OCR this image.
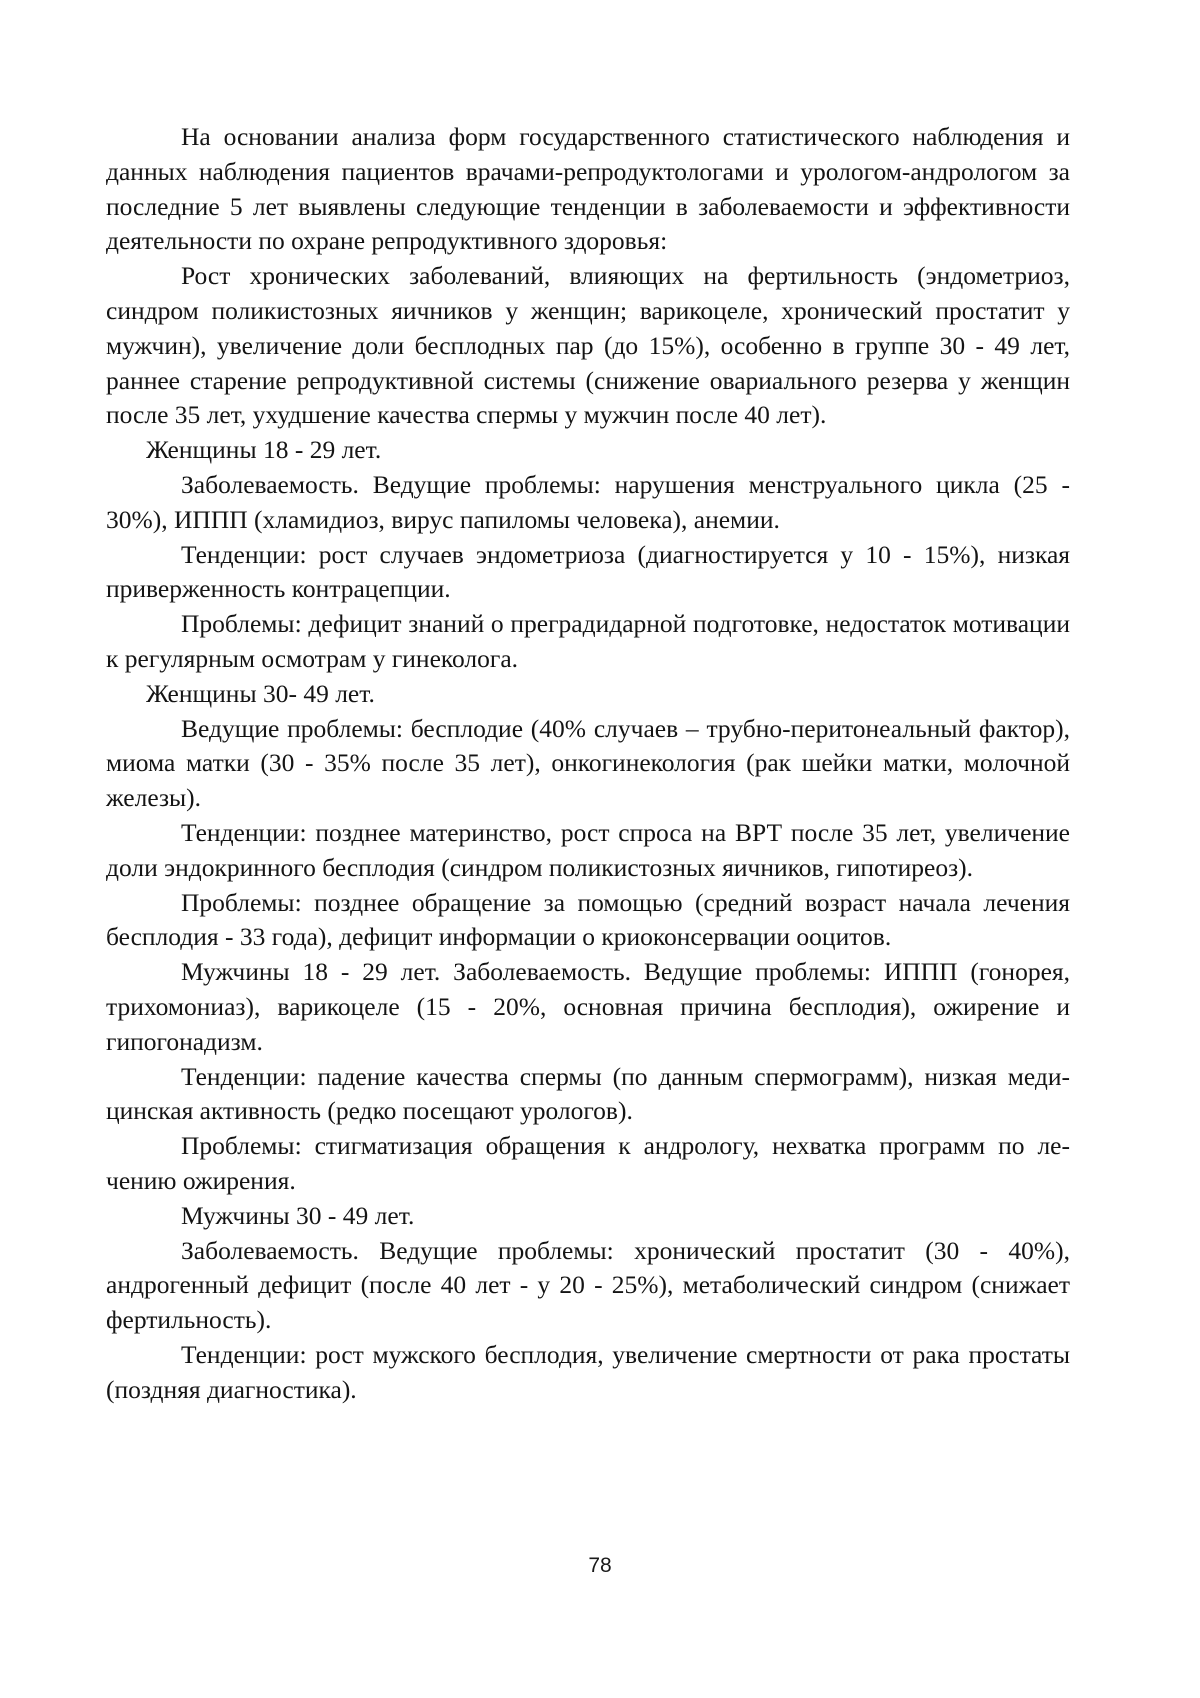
На основании анализа форм государственного статистического наблюдения и данных наблюдения пациентов врачами-репродуктологами и урологом-андрологом за последние 5 лет выявлены следующие тенденции в заболеваемости и эффективности деятельности по охране репродуктивного здоровья:

Рост хронических заболеваний, влияющих на фертильность (эндометриоз, синдром поликистозных яичников у женщин; варикоцеле, хронический простатит у мужчин), увеличение доли бесплодных пар (до 15%), особенно в группе 30 - 49 лет, раннее старение репродуктивной системы (снижение овариального резерва у женщин после 35 лет, ухудшение качества спермы у мужчин после 40 лет).

Женщины 18 - 29 лет.

Заболеваемость. Ведущие проблемы: нарушения менструального цикла (25 - 30%), ИППП (хламидиоз, вирус папиломы человека), анемии.

Тенденции: рост случаев эндометриоза (диагностируется у 10 - 15%), низкая приверженность контрацепции.

Проблемы: дефицит знаний о преградидарной подготовке, недостаток мотивации к регулярным осмотрам у гинеколога.

Женщины 30- 49 лет.

Ведущие проблемы: бесплодие (40% случаев – трубно-перитонеальный фактор), миома матки (30 - 35% после 35 лет), онкогинекология (рак шейки матки, молочной железы).

Тенденции: позднее материнство, рост спроса на ВРТ после 35 лет, увеличение доли эндокринного бесплодия (синдром поликистозных яичников, гипотиреоз).

Проблемы: позднее обращение за помощью (средний возраст начала лечения бесплодия - 33 года), дефицит информации о криоконсервации ооцитов.

Мужчины 18 - 29 лет. Заболеваемость. Ведущие проблемы: ИППП (гонорея, трихомониаз), варикоцеле (15 - 20%, основная причина бесплодия), ожирение и гипогонадизм.

Тенденции: падение качества спермы (по данным спермограмм), низкая медицинская активность (редко посещают урологов).

Проблемы: стигматизация обращения к андрологу, нехватка программ по лечению ожирения.

Мужчины 30 - 49 лет.

Заболеваемость. Ведущие проблемы: хронический простатит (30 - 40%), андрогенный дефицит (после 40 лет - у 20 - 25%), метаболический синдром (снижает фертильность).

Тенденции: рост мужского бесплодия, увеличение смертности от рака простаты (поздняя диагностика).

78
